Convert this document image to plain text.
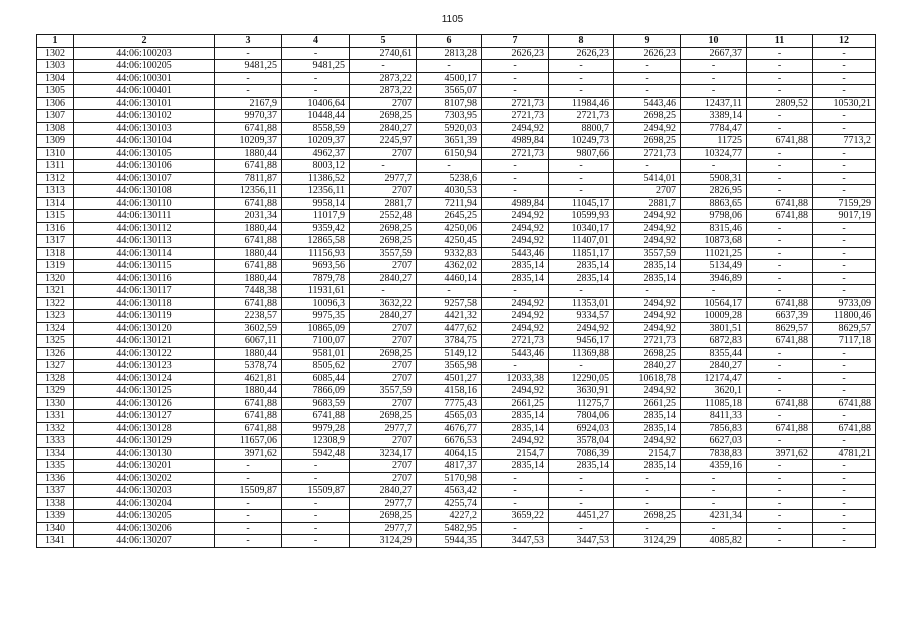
1105
1	2	3	4	5	6	7	8	9	10	11	12
1302	44:06:100203	-	-	2740,61	2813,28	2626,23	2626,23	2626,23	2667,37	-	-
1303	44:06:100205	9481,25	9481,25	-	-	-	-	-	-	-	-
1304	44:06:100301	-	-	2873,22	4500,17	-	-	-	-	-	-
1305	44:06:100401	-	-	2873,22	3565,07	-	-	-	-	-	-
1306	44:06:130101	2167,9	10406,64	2707	8107,98	2721,73	11984,46	5443,46	12437,11	2809,52	10530,21
1307	44:06:130102	9970,37	10448,44	2698,25	7303,95	2721,73	2721,73	2698,25	3389,14	-	-
1308	44:06:130103	6741,88	8558,59	2840,27	5920,03	2494,92	8800,7	2494,92	7784,47	-	-
1309	44:06:130104	10209,37	10209,37	2245,97	3651,39	4989,84	10249,73	2698,25	11725	6741,88	7713,2
1310	44:06:130105	1880,44	4962,37	2707	6150,94	2721,73	9807,66	2721,73	10324,77	-	-
1311	44:06:130106	6741,88	8003,12	-	-	-	-	-	-	-	-
1312	44:06:130107	7811,87	11386,52	2977,7	5238,6	-	-	5414,01	5908,31	-	-
1313	44:06:130108	12356,11	12356,11	2707	4030,53	-	-	2707	2826,95	-	-
1314	44:06:130110	6741,88	9958,14	2881,7	7211,94	4989,84	11045,17	2881,7	8863,65	6741,88	7159,29
1315	44:06:130111	2031,34	11017,9	2552,48	2645,25	2494,92	10599,93	2494,92	9798,06	6741,88	9017,19
1316	44:06:130112	1880,44	9359,42	2698,25	4250,06	2494,92	10340,17	2494,92	8315,46	-	-
1317	44:06:130113	6741,88	12865,58	2698,25	4250,45	2494,92	11407,01	2494,92	10873,68	-	-
1318	44:06:130114	1880,44	11156,93	3557,59	9332,83	5443,46	11851,17	3557,59	11021,25	-	-
1319	44:06:130115	6741,88	9693,56	2707	4362,02	2835,14	2835,14	2835,14	5134,49	-	-
1320	44:06:130116	1880,44	7879,78	2840,27	4460,14	2835,14	2835,14	2835,14	3946,89	-	-
1321	44:06:130117	7448,38	11931,61	-	-	-	-	-	-	-	-
1322	44:06:130118	6741,88	10096,3	3632,22	9257,58	2494,92	11353,01	2494,92	10564,17	6741,88	9733,09
1323	44:06:130119	2238,57	9975,35	2840,27	4421,32	2494,92	9334,57	2494,92	10009,28	6637,39	11800,46
1324	44:06:130120	3602,59	10865,09	2707	4477,62	2494,92	2494,92	2494,92	3801,51	8629,57	8629,57
1325	44:06:130121	6067,11	7100,07	2707	3784,75	2721,73	9456,17	2721,73	6872,83	6741,88	7117,18
1326	44:06:130122	1880,44	9581,01	2698,25	5149,12	5443,46	11369,88	2698,25	8355,44	-	-
1327	44:06:130123	5378,74	8505,62	2707	3565,98	-	-	2840,27	2840,27	-	-
1328	44:06:130124	4621,81	6085,44	2707	4501,27	12033,38	12290,05	10618,78	12174,47	-	-
1329	44:06:130125	1880,44	7866,09	3557,59	4158,16	2494,92	3630,91	2494,92	3620,1	-	-
1330	44:06:130126	6741,88	9683,59	2707	7775,43	2661,25	11275,7	2661,25	11085,18	6741,88	6741,88
1331	44:06:130127	6741,88	6741,88	2698,25	4565,03	2835,14	7804,06	2835,14	8411,33	-	-
1332	44:06:130128	6741,88	9979,28	2977,7	4676,77	2835,14	6924,03	2835,14	7856,83	6741,88	6741,88
1333	44:06:130129	11657,06	12308,9	2707	6676,53	2494,92	3578,04	2494,92	6627,03	-	-
1334	44:06:130130	3971,62	5942,48	3234,17	4064,15	2154,7	7086,39	2154,7	7838,83	3971,62	4781,21
1335	44:06:130201	-	-	2707	4817,37	2835,14	2835,14	2835,14	4359,16	-	-
1336	44:06:130202	-	-	2707	5170,98	-	-	-	-	-	-
1337	44:06:130203	15509,87	15509,87	2840,27	4563,42	-	-	-	-	-	-
1338	44:06:130204	-	-	2977,7	4255,74	-	-	-	-	-	-
1339	44:06:130205	-	-	2698,25	4227,2	3659,22	4451,27	2698,25	4231,34	-	-
1340	44:06:130206	-	-	2977,7	5482,95	-	-	-	-	-	-
1341	44:06:130207	-	-	3124,29	5944,35	3447,53	3447,53	3124,29	4085,82	-	-
